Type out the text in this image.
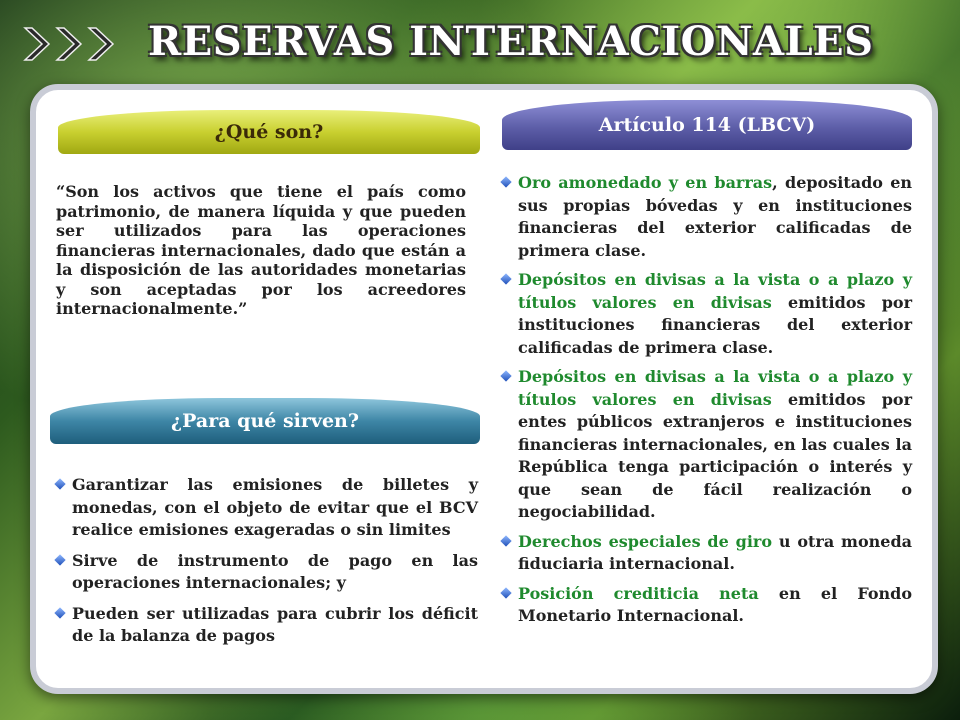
RESERVAS INTERNACIONALES
¿Qué son?

“Son los activos que tiene el país como patrimonio, de manera líquida y que pueden ser utilizados para las operaciones financieras internacionales, dado que están a la disposición de las autoridades monetarias y son aceptadas por los acreedores internacionalmente.”

¿Para qué sirven?
Garantizar las emisiones de billetes y monedas, con el objeto de evitar que el BCV realice emisiones exageradas o sin limites
Sirve de instrumento de pago en las operaciones internacionales; y
Pueden ser utilizadas para cubrir los déficit de la balanza de pagos
Artículo 114 (LBCV)
Oro amonedado y en barras, depositado en sus propias bóvedas y en instituciones financieras del exterior calificadas de primera clase.
Depósitos en divisas a la vista o a plazo y títulos valores en divisas emitidos por instituciones financieras del exterior calificadas de primera clase.
Depósitos en divisas a la vista o a plazo y títulos valores en divisas emitidos por entes públicos extranjeros e instituciones financieras internacionales, en las cuales la República tenga participación o interés y que sean de fácil realización o negociabilidad.
Derechos especiales de giro u otra moneda fiduciaria internacional.
Posición crediticia neta en el Fondo Monetario Internacional.
